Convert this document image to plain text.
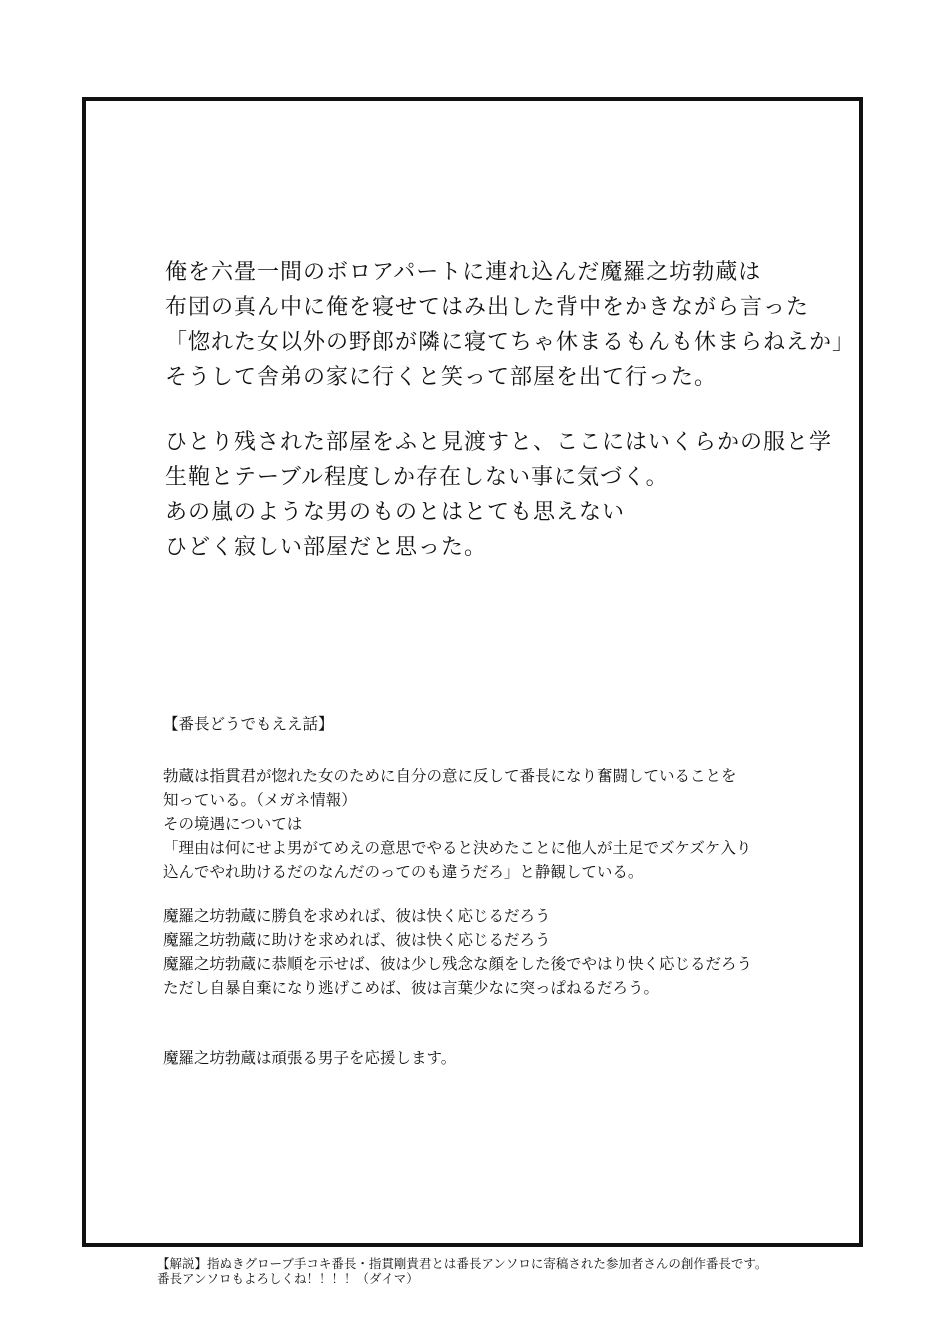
俺を六畳一間のボロアパートに連れ込んだ魔羅之坊勃蔵は
布団の真ん中に俺を寝せてはみ出した背中をかきながら言った
「惚れた女以外の野郎が隣に寝てちゃ休まるもんも休まらねえか」
そうして舎弟の家に行くと笑って部屋を出て行った。

ひとり残された部屋をふと見渡すと、ここにはいくらかの服と学
生鞄とテーブル程度しか存在しない事に気づく。
あの嵐のような男のものとはとても思えない
ひどく寂しい部屋だと思った。

【番長どうでもええ話】

勃蔵は指貫君が惚れた女のために自分の意に反して番長になり奮闘していることを
知っている。（メガネ情報）
その境遇については
「理由は何にせよ男がてめえの意思でやると決めたことに他人が土足でズケズケ入り
込んでやれ助けるだのなんだのってのも違うだろ」と静観している。

魔羅之坊勃蔵に勝負を求めれば、彼は快く応じるだろう
魔羅之坊勃蔵に助けを求めれば、彼は快く応じるだろう
魔羅之坊勃蔵に恭順を示せば、彼は少し残念な顔をした後でやはり快く応じるだろう
ただし自暴自棄になり逃げこめば、彼は言葉少なに突っぱねるだろう。

魔羅之坊勃蔵は頑張る男子を応援します。

【解説】指ぬきグローブ手コキ番長・指貫剛貴君とは番長アンソロに寄稿された参加者さんの創作番長です。
番長アンソロもよろしくね！！！！（ダイマ）
